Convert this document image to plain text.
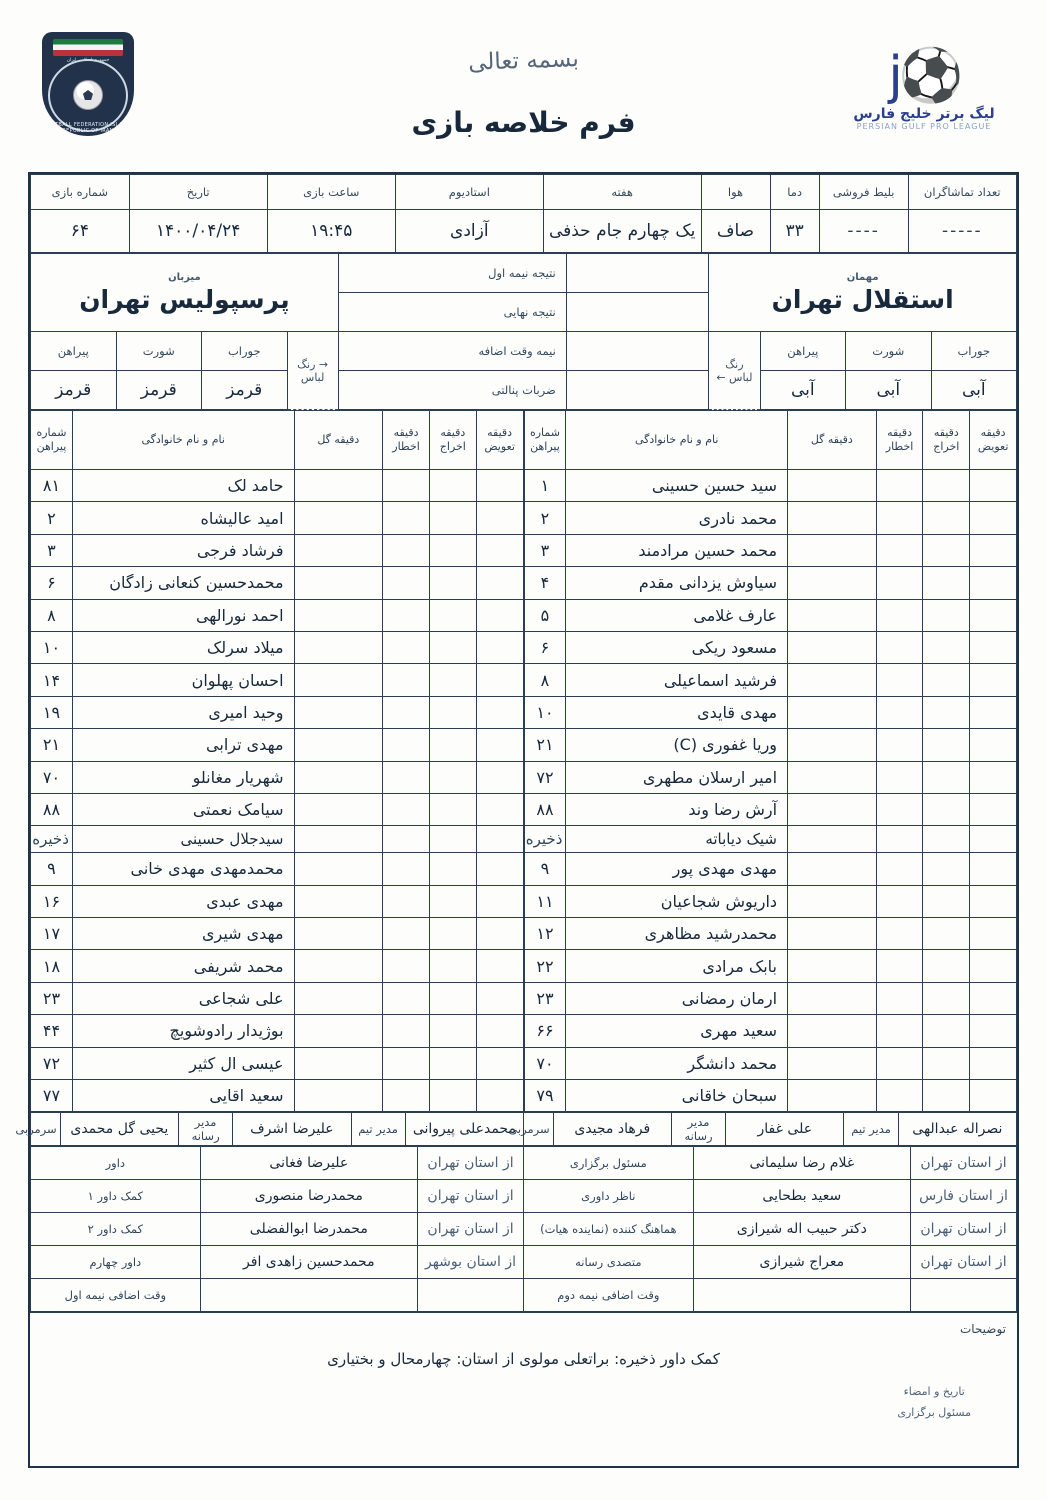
⚽j
لیگ برتر خلیج فارس
PERSIAN GULF PRO LEAGUE
بسمه تعالی
فرم خلاصه بازی
جمهوری اسلامی ایران
FOOTBALL FEDERATION ISLAMIC REPUBLIC OF IRAN
تعداد تماشاگران	بلیط فروشی	دما	هوا	هفته	استادیوم	ساعت بازی	تاریخ	شماره بازی
-----	----	۳۳	صاف	یک چهارم جام حذفی	آزادی	۱۹:۴۵	۱۴۰۰/۰۴/۲۴	۶۴
مهمان
استقلال تهران
		نتیجه نیمه اول	
میزبان
پرسپولیس تهران

					نتیجه نهایی				
جوراب	شورت	پیراهن	رنگ لباس ←		نیمه وقت اضافه	→ رنگ لباس	جوراب	شورت	پیراهن
آبی	آبی	آبی			ضربات پنالتی		قرمز	قرمز	قرمز
دقیقه تعویض	دقیقه اخراج	دقیقه اخطار	دقیقه گل	نام و نام خانوادگی	شماره پیراهن
				سید حسین حسینی	۱
				محمد نادری	۲
				محمد حسین مرادمند	۳
				سیاوش یزدانی مقدم	۴
				عارف غلامی	۵
				مسعود ریکی	۶
				فرشید اسماعیلی	۸
				مهدی قایدی	۱۰
				وریا غفوری (C)	۲۱
				امیر ارسلان مطهری	۷۲
				آرش رضا وند	۸۸
				شیک دیاباته	ذخیره
				مهدی مهدی پور	۹
				داریوش شجاعیان	۱۱
				محمدرشید مظاهری	۱۲
				بابک مرادی	۲۲
				ارمان رمضانی	۲۳
				سعید مهری	۶۶
				محمد دانشگر	۷۰
				سبحان خاقانی	۷۹
دقیقه تعویض	دقیقه اخراج	دقیقه اخطار	دقیقه گل	نام و نام خانوادگی	شماره پیراهن
				حامد لک	۸۱
				امید عالیشاه	۲
				فرشاد فرجی	۳
				محمدحسین کنعانی زادگان	۶
				احمد نورالهی	۸
				میلاد سرلک	۱۰
				احسان پهلوان	۱۴
				وحید امیری	۱۹
				مهدی ترابی	۲۱
				شهریار مغانلو	۷۰
				سیامک نعمتی	۸۸
				سیدجلال حسینی	ذخیره
				محمدمهدی مهدی خانی	۹
				مهدی عبدی	۱۶
				مهدی شیری	۱۷
				محمد شریفی	۱۸
				علی شجاعی	۲۳
				بوژیدار رادوشویچ	۴۴
				عیسی ال کثیر	۷۲
				سعید اقایی	۷۷
نصراله عبدالهی	مدیر تیم	علی غفار	مدیر رسانه	فرهاد مجیدی	سرمربی	محمدعلی پیروانی	مدیر تیم	علیرضا اشرف	مدیر رسانه	یحیی گل محمدی	سرمربی
از استان تهران	غلام رضا سلیمانی	مسئول برگزاری	از استان تهران	علیرضا فغانی	داور
از استان فارس	سعید بطحایی	ناظر داوری	از استان تهران	محمدرضا منصوری	کمک داور ۱
از استان تهران	دکتر حبیب اله شیرازی	هماهنگ کننده (نماینده هیات)	از استان تهران	محمدرضا ابوالفضلی	کمک داور ۲
از استان تهران	معراج شیرازی	متصدی رسانه	از استان بوشهر	محمدحسین زاهدی افر	داور چهارم
		وقت اضافی نیمه دوم			وقت اضافی نیمه اول
توضیحات
کمک داور ذخیره: براتعلی مولوی از استان: چهارمحال و بختیاری
تاریخ و امضاء
مسئول برگزاری
